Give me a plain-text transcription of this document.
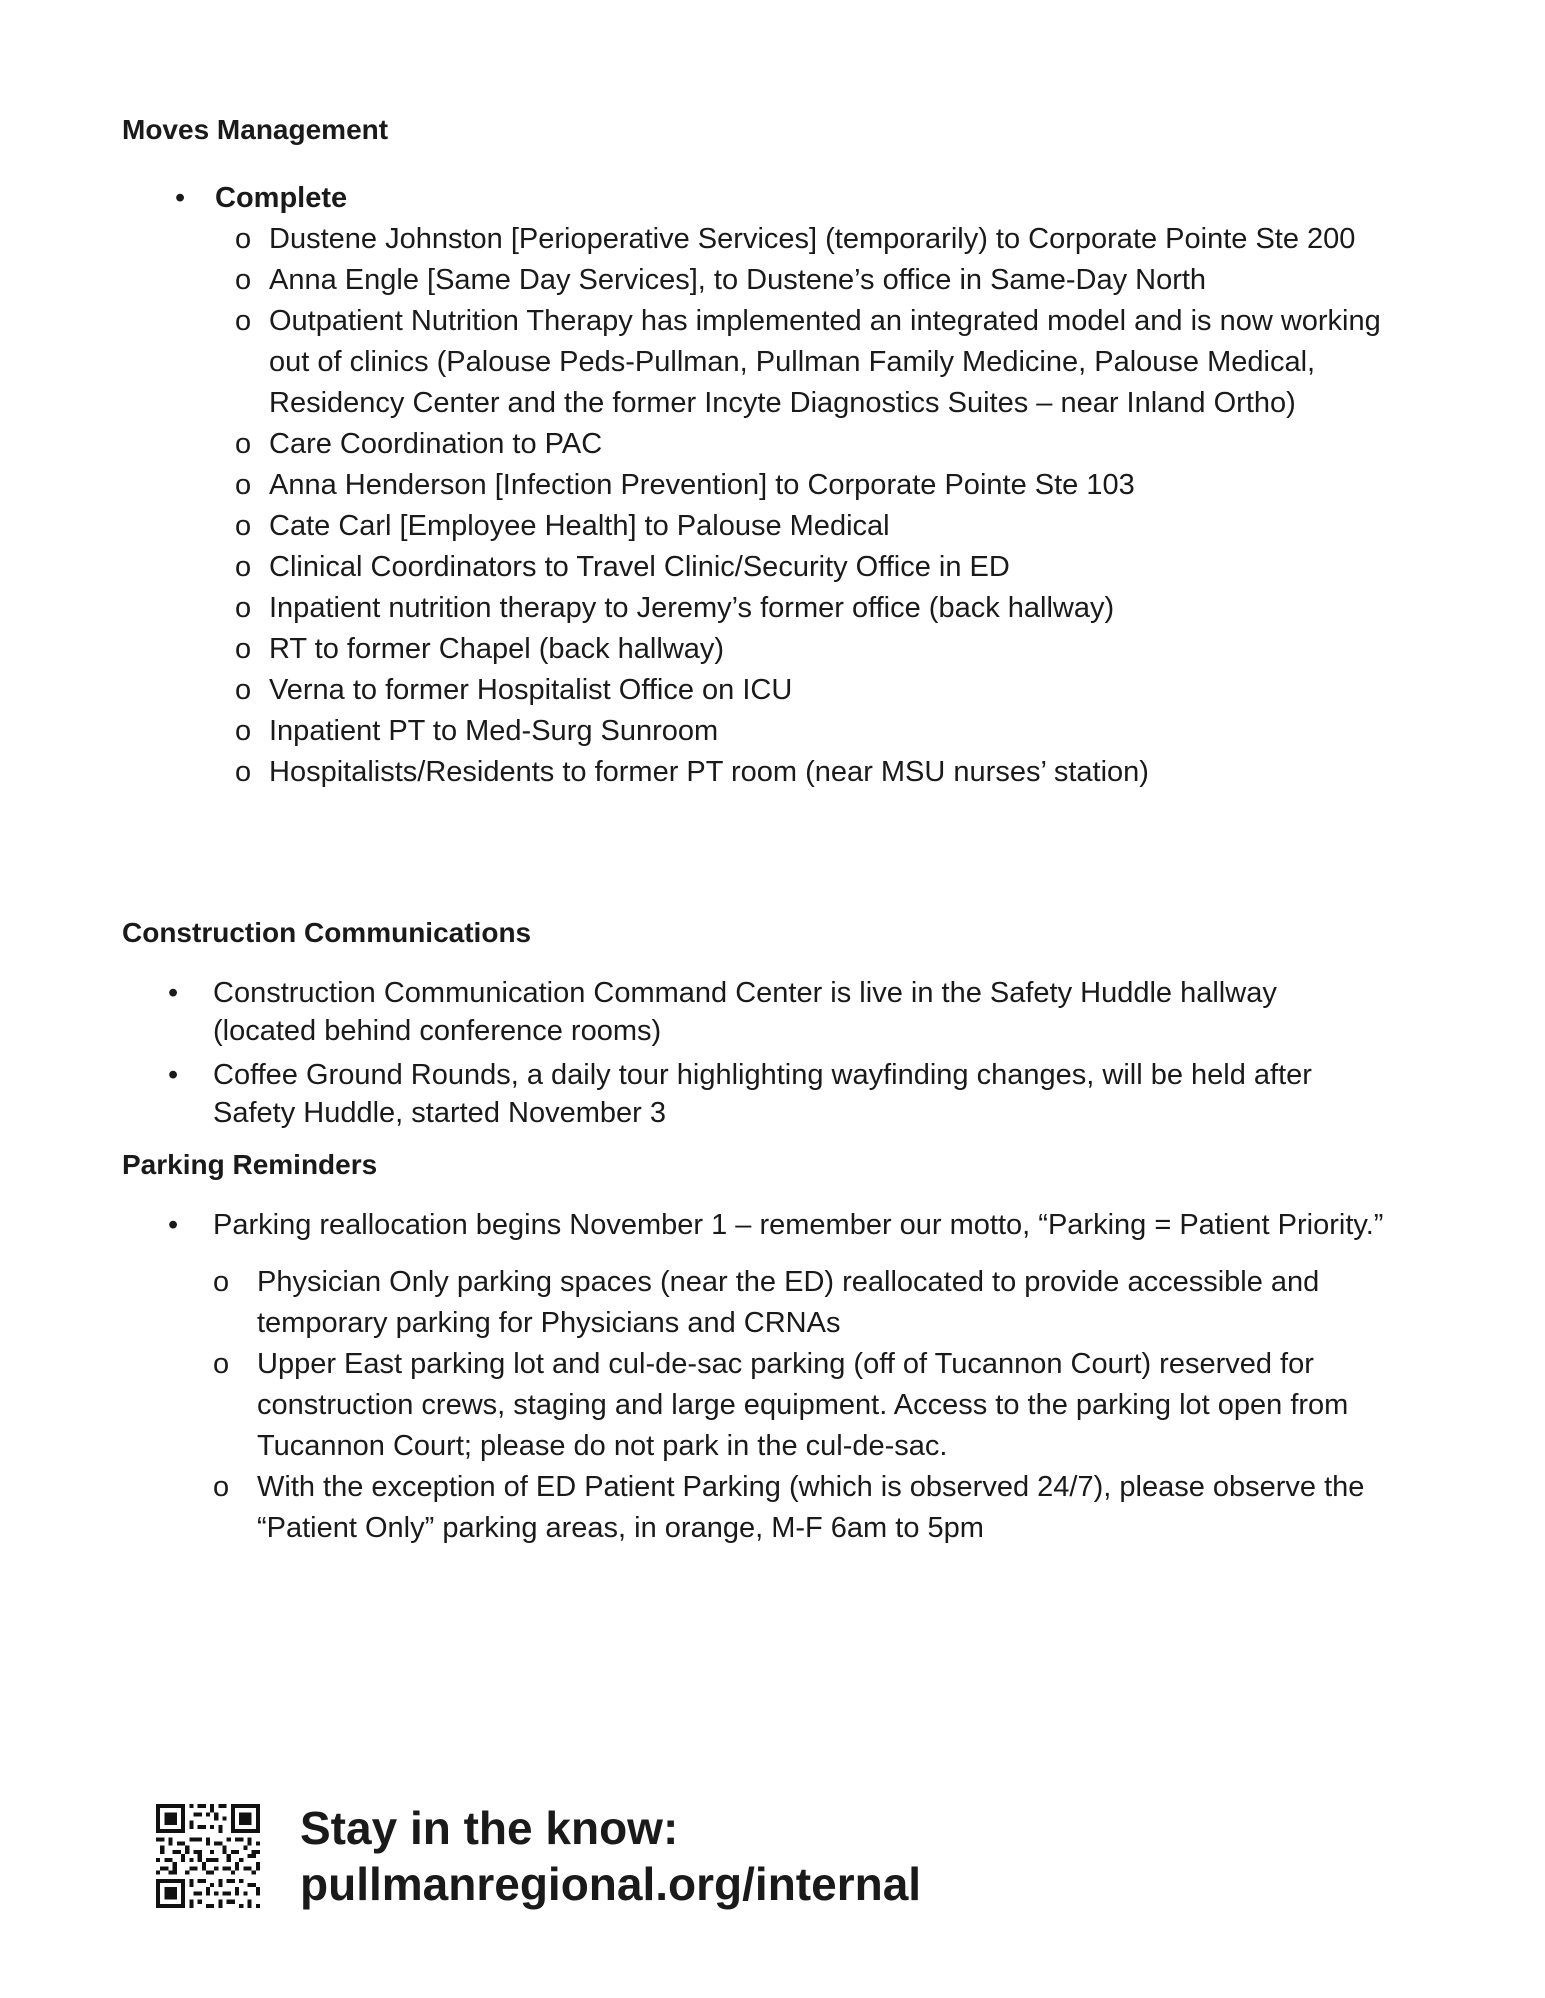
Moves Management
•	Complete
o Dustene Johnston [Perioperative Services] (temporarily) to Corporate Pointe Ste 200
o Anna Engle [Same Day Services], to Dustene’s office in Same-Day North
o Outpatient Nutrition Therapy has implemented an integrated model and is now working out of clinics (Palouse Peds-Pullman, Pullman Family Medicine, Palouse Medical, Residency Center and the former Incyte Diagnostics Suites – near Inland Ortho)
o Care Coordination to PAC
o Anna Henderson [Infection Prevention] to Corporate Pointe Ste 103
o Cate Carl [Employee Health] to Palouse Medical
o Clinical Coordinators to Travel Clinic/Security Office in ED
o Inpatient nutrition therapy to Jeremy’s former office (back hallway)
o RT to former Chapel (back hallway)
o Verna to former Hospitalist Office on ICU
o Inpatient PT to Med-Surg Sunroom
o Hospitalists/Residents to former PT room (near MSU nurses’ station)
Construction Communications
•	Construction Communication Command Center is live in the Safety Huddle hallway (located behind conference rooms)
•	Coffee Ground Rounds, a daily tour highlighting wayfinding changes, will be held after Safety Huddle, started November 3
Parking Reminders
•	Parking reallocation begins November 1 – remember our motto, “Parking = Patient Priority.”
o Physician Only parking spaces (near the ED) reallocated to provide accessible and temporary parking for Physicians and CRNAs
o Upper East parking lot and cul-de-sac parking (off of Tucannon Court) reserved for construction crews, staging and large equipment. Access to the parking lot open from Tucannon Court; please do not park in the cul-de-sac.
o With the exception of ED Patient Parking (which is observed 24/7), please observe the “Patient Only” parking areas, in orange, M-F 6am to 5pm
Stay in the know:
pullmanregional.org/internal
